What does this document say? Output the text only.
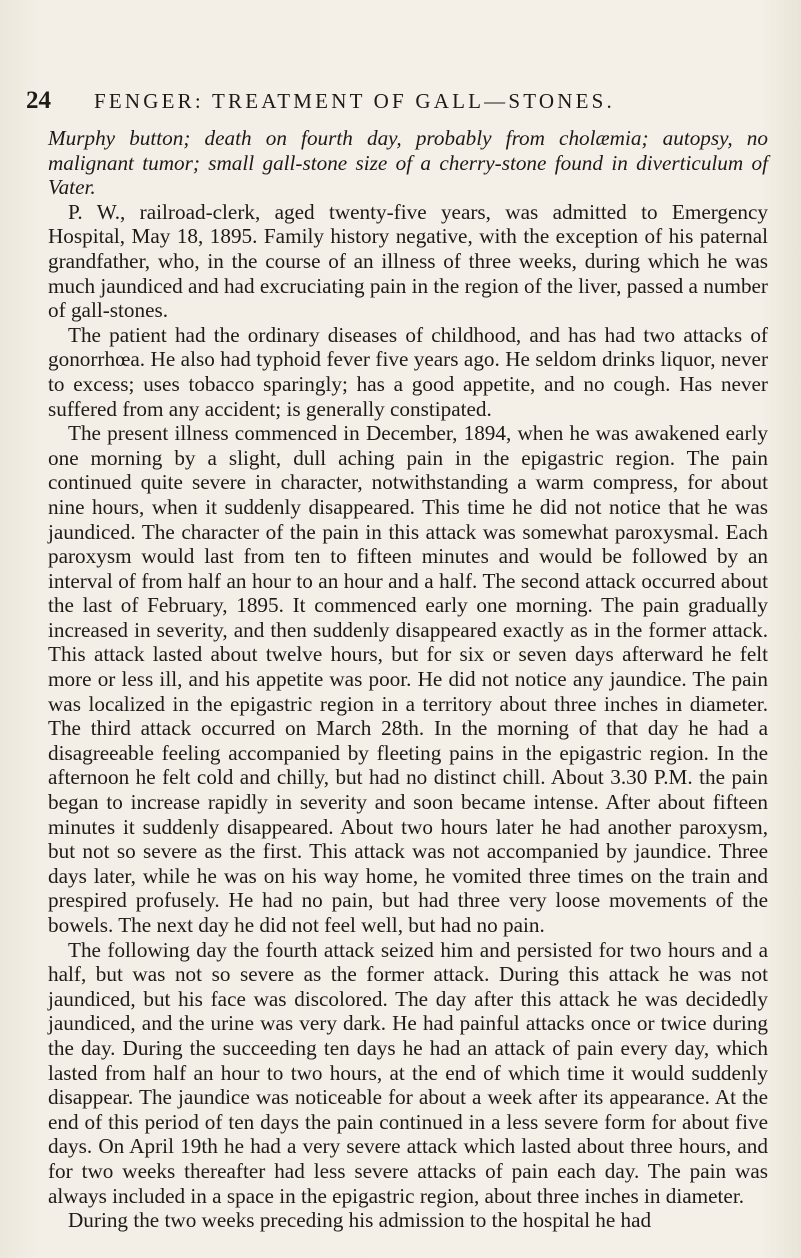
24 FENGER: TREATMENT OF GALL—STONES.

Murphy button; death on fourth day, probably from cholæmia; autopsy, no malignant tumor; small gall-stone size of a cherry-stone found in diverticulum of Vater.

P. W., railroad-clerk, aged twenty-five years, was admitted to Emergency Hospital, May 18, 1895. Family history negative, with the exception of his paternal grandfather, who, in the course of an illness of three weeks, during which he was much jaundiced and had excruciating pain in the region of the liver, passed a number of gall-stones.

The patient had the ordinary diseases of childhood, and has had two attacks of gonorrhœa. He also had typhoid fever five years ago. He seldom drinks liquor, never to excess; uses tobacco sparingly; has a good appetite, and no cough. Has never suffered from any accident; is generally constipated.

The present illness commenced in December, 1894, when he was awakened early one morning by a slight, dull aching pain in the epigastric region. The pain continued quite severe in character, notwithstanding a warm compress, for about nine hours, when it suddenly disappeared. This time he did not notice that he was jaundiced. The character of the pain in this attack was somewhat paroxysmal. Each paroxysm would last from ten to fifteen minutes and would be followed by an interval of from half an hour to an hour and a half. The second attack occurred about the last of February, 1895. It commenced early one morning. The pain gradually increased in severity, and then suddenly disappeared exactly as in the former attack. This attack lasted about twelve hours, but for six or seven days afterward he felt more or less ill, and his appetite was poor. He did not notice any jaundice. The pain was localized in the epigastric region in a territory about three inches in diameter. The third attack occurred on March 28th. In the morning of that day he had a disagreeable feeling accompanied by fleeting pains in the epigastric region. In the afternoon he felt cold and chilly, but had no distinct chill. About 3.30 P.M. the pain began to increase rapidly in severity and soon became intense. After about fifteen minutes it suddenly disappeared. About two hours later he had another paroxysm, but not so severe as the first. This attack was not accompanied by jaundice. Three days later, while he was on his way home, he vomited three times on the train and prespired profusely. He had no pain, but had three very loose movements of the bowels. The next day he did not feel well, but had no pain.

The following day the fourth attack seized him and persisted for two hours and a half, but was not so severe as the former attack. During this attack he was not jaundiced, but his face was discolored. The day after this attack he was decidedly jaundiced, and the urine was very dark. He had painful attacks once or twice during the day. During the succeeding ten days he had an attack of pain every day, which lasted from half an hour to two hours, at the end of which time it would suddenly disappear. The jaundice was noticeable for about a week after its appearance. At the end of this period of ten days the pain continued in a less severe form for about five days. On April 19th he had a very severe attack which lasted about three hours, and for two weeks thereafter had less severe attacks of pain each day. The pain was always included in a space in the epigastric region, about three inches in diameter.

During the two weeks preceding his admission to the hospital he had
